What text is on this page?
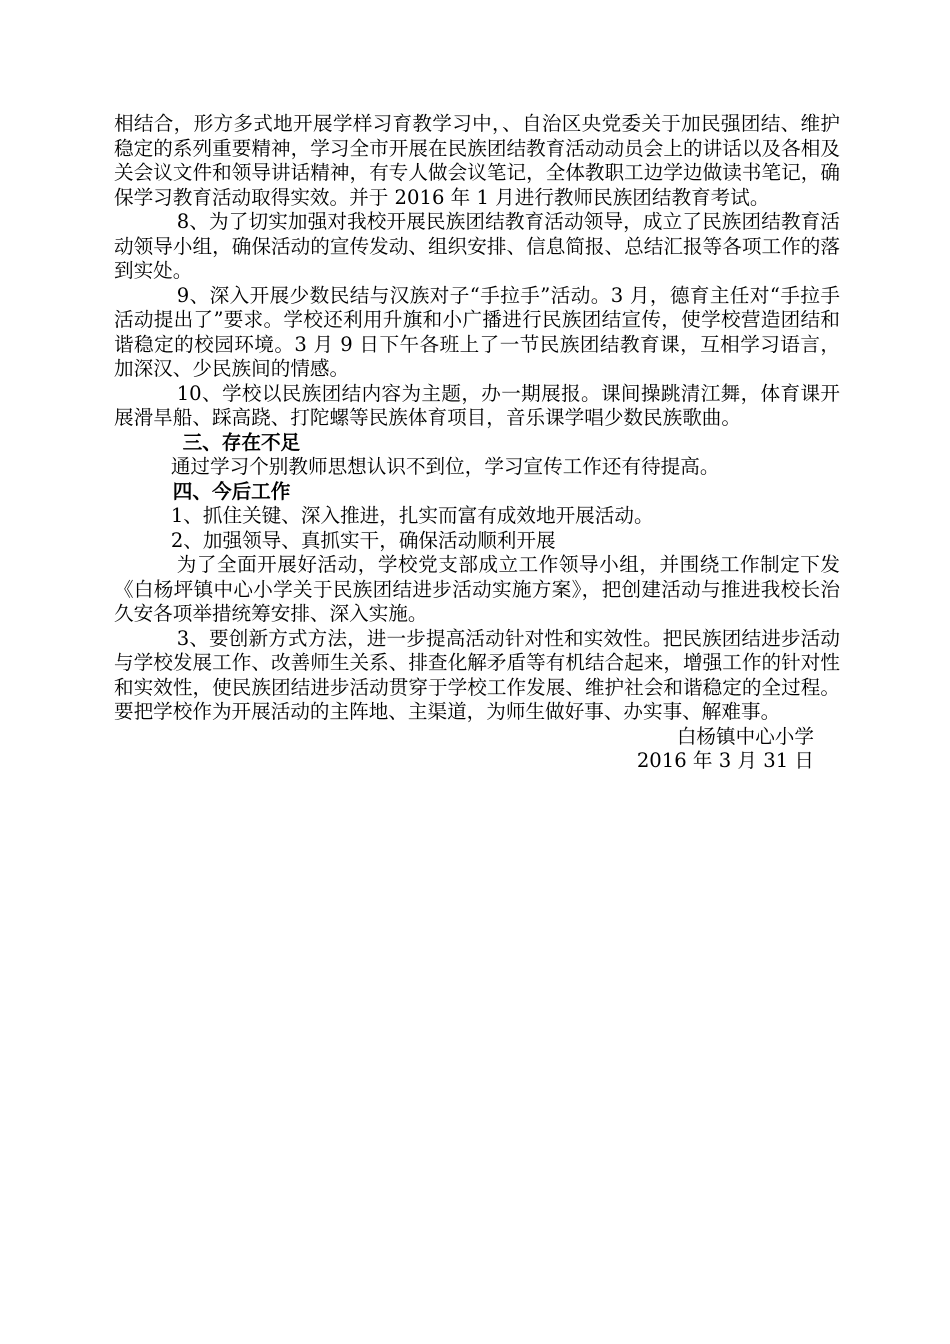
相结合，形方多式地开展学样习育教学习中，、自治区央党委关于加民强团结、维护稳定的系列重要精神，学习全市开展在民族团结教育活动动员会上的讲话以及各相及关会议文件和领导讲话精神，有专人做会议笔记，全体教职工边学边做读书笔记，确保学习教育活动取得实效。并于 2016 年 1 月进行教师民族团结教育考试。

8、为了切实加强对我校开展民族团结教育活动领导，成立了民族团结教育活动领导小组，确保活动的宣传发动、组织安排、信息简报、总结汇报等各项工作的落到实处。

9、深入开展少数民结与汉族对子“手拉手”活动。3 月，德育主任对“手拉手活动提出了”要求。学校还利用升旗和小广播进行民族团结宣传，使学校营造团结和谐稳定的校园环境。3 月 9 日下午各班上了一节民族团结教育课，互相学习语言，加深汉、少民族间的情感。

10、学校以民族团结内容为主题，办一期展报。课间操跳清江舞，体育课开展滑旱船、踩高跷、打陀螺等民族体育项目，音乐课学唱少数民族歌曲。

三、存在不足

通过学习个别教师思想认识不到位，学习宣传工作还有待提高。

四、今后工作

1、抓住关键、深入推进，扎实而富有成效地开展活动。

2、加强领导、真抓实干，确保活动顺利开展

为了全面开展好活动，学校党支部成立工作领导小组，并围绕工作制定下发《白杨坪镇中心小学关于民族团结进步活动实施方案》，把创建活动与推进我校长治久安各项举措统筹安排、深入实施。

3、要创新方式方法，进一步提高活动针对性和实效性。把民族团结进步活动与学校发展工作、改善师生关系、排查化解矛盾等有机结合起来，增强工作的针对性和实效性，使民族团结进步活动贯穿于学校工作发展、维护社会和谐稳定的全过程。要把学校作为开展活动的主阵地、主渠道，为师生做好事、办实事、解难事。

白杨镇中心小学

2016 年 3 月 31 日
